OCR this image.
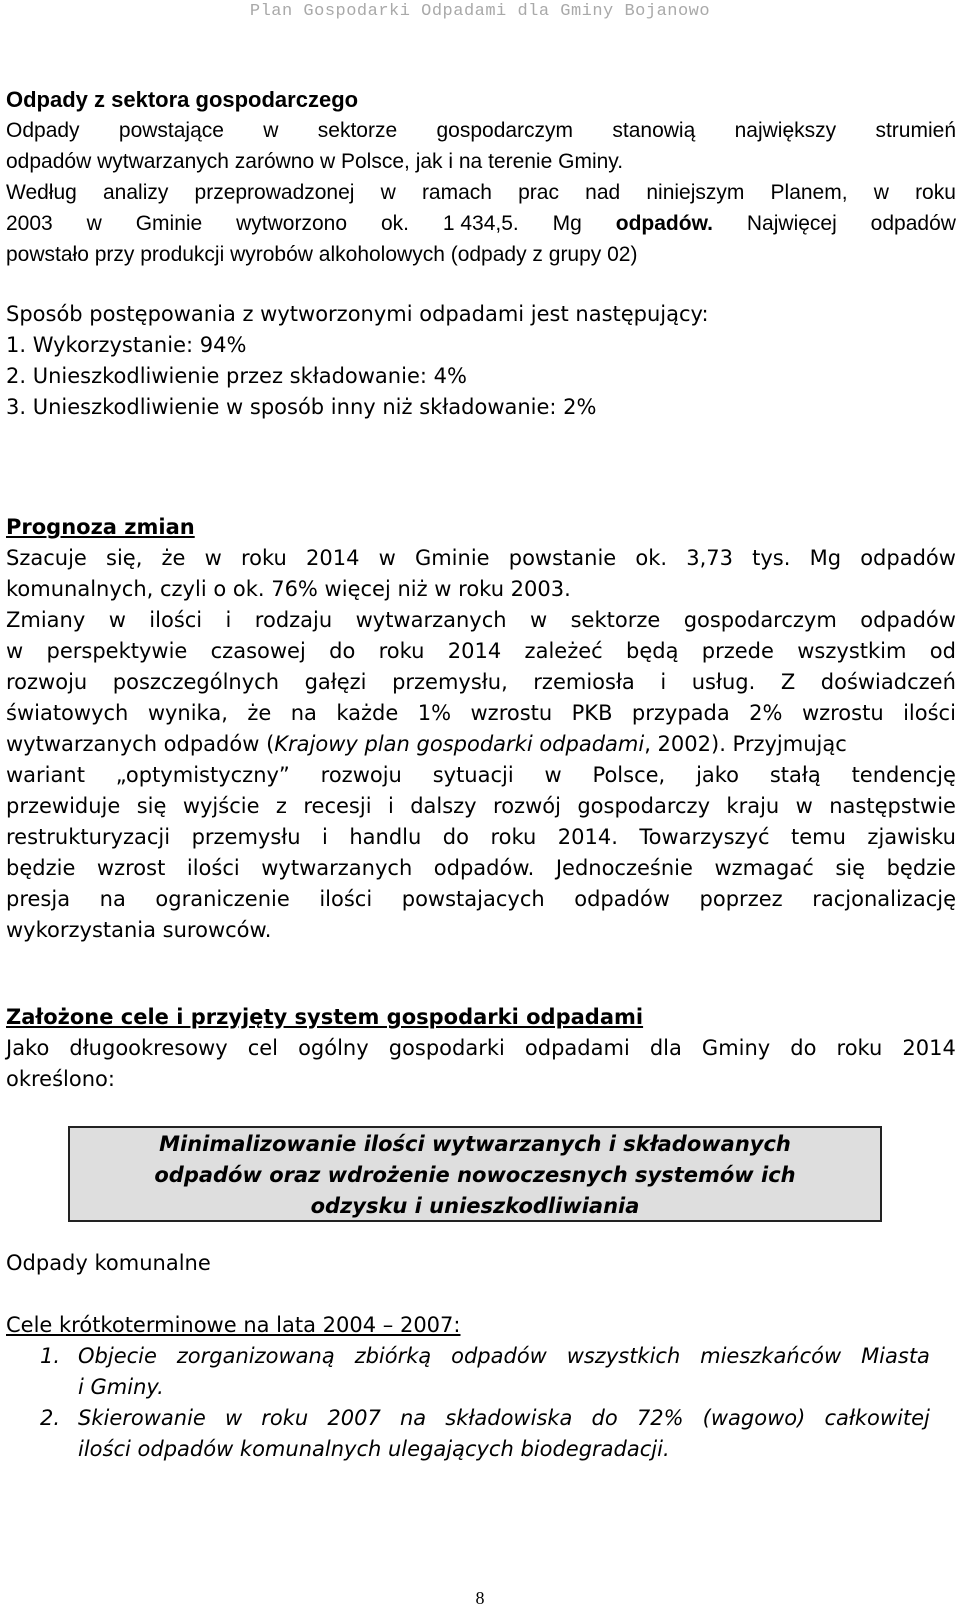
Plan Gospodarki Odpadami dla Gminy Bojanowo
Odpady z sektora gospodarczego
Odpady powstające w sektorze gospodarczym stanowią największy strumień
odpadów wytwarzanych zarówno w Polsce, jak i na terenie Gminy.
Według analizy przeprowadzonej w ramach prac nad niniejszym Planem, w roku
2003 w Gminie wytworzono ok. 1 434,5. Mg odpadów. Najwięcej odpadów
powstało przy produkcji wyrobów alkoholowych (odpady z grupy 02)
Sposób postępowania z wytworzonymi odpadami jest następujący:
1. Wykorzystanie: 94%
2. Unieszkodliwienie przez składowanie: 4%
3. Unieszkodliwienie w sposób inny niż składowanie: 2%
Prognoza zmian
Szacuje się, że w roku 2014 w Gminie powstanie ok. 3,73 tys. Mg odpadów
komunalnych, czyli o ok. 76% więcej niż w roku 2003.
Zmiany w ilości i rodzaju wytwarzanych w sektorze gospodarczym odpadów
w perspektywie czasowej do roku 2014 zależeć będą przede wszystkim od
rozwoju poszczególnych gałęzi przemysłu, rzemiosła i usług. Z doświadczeń
światowych wynika, że na każde 1% wzrostu PKB przypada 2% wzrostu ilości
wytwarzanych odpadów (Krajowy plan gospodarki odpadami, 2002). Przyjmując
wariant „optymistyczny” rozwoju sytuacji w Polsce, jako stałą tendencję
przewiduje się wyjście z recesji i dalszy rozwój gospodarczy kraju w następstwie
restrukturyzacji przemysłu i handlu do roku 2014. Towarzyszyć temu zjawisku
będzie wzrost ilości wytwarzanych odpadów. Jednocześnie wzmagać się będzie
presja na ograniczenie ilości powstajacych odpadów poprzez racjonalizację
wykorzystania surowców.
Założone cele i przyjęty system gospodarki odpadami
Jako długookresowy cel ogólny gospodarki odpadami dla Gminy do roku 2014
określono:
Minimalizowanie ilości wytwarzanych i składowanych
odpadów oraz wdrożenie nowoczesnych systemów ich
odzysku i unieszkodliwiania
Odpady komunalne
Cele krótkoterminowe na lata 2004 – 2007:
1. Objecie zorganizowaną zbiórką odpadów wszystkich mieszkańców Miasta
i Gminy.
2. Skierowanie w roku 2007 na składowiska do 72% (wagowo) całkowitej
ilości odpadów komunalnych ulegających biodegradacji.
8
